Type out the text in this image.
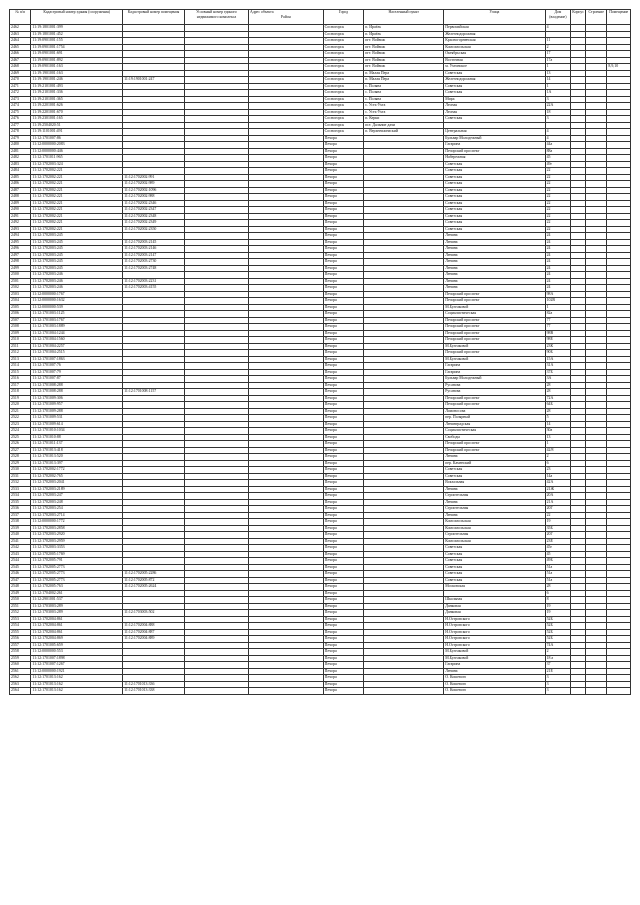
№ п/п	Кадастровый номер здания (сооружения)	Кадастровый номер помещения	Условный номер единого недвижимого комплекса	Адрес объекта
Район	Город	Населенный пункт	Улица	Дом (владение)	Корпус	Строение	Помещение
2462	11:19:1801001:399				Сосногорск	п. Ираёль	Первомайская	4			
2463	11:19:1801001:452				Сосногорск	п. Ираёль	Железнодорожная				
2464	11:19:0901001:155				Сосногорск	пгт. Войвож	Красногорненская	11			
2465	11:19:0901001:1754				Сосногорск	пгт. Войвож	Комсомольская	2			
2466	11:19:0901001:691				Сосногорск	пгт. Войвож	Октябрьская	17			
2467	11:19:0901001:892				Сосногорск	пгт. Войвож	Восточная	17а			
2468	11:19:0901001:163				Сосногорск	пгт. Войвож	м. Ухтинское	1			8,9,10
2469	11:19:1901001:163				Сосногорск	п. Малая Пера	Советская	13			
2470	11:19:1901001:246	11:19:1901001:247			Сосногорск	п. Малая Пера	Железнодорожная	14			
2471	11:19:2101001:493				Сосногорск	с. Поляна	Советская	1			
2472	11:19:2101001:336				Сосногорск	с. Поляна	Советская	1А			
2473	11:19:2101001:365				Сосногорск	с. Поляна	Мира	3			
2474	11:19:2201001:626				Сосногорск	с. Усть-Ухта	Лесная	22А			
2475	11:19:2201001:670				Сосногорск	с. Усть-Ухта	Лесная	18			
2476	11:19:2301001:165				Сосногорск	п. Керки	Советская	3			
2477	11:19:2504020:51				Сосногорск	пст. Дальние дачи					
2478	11:19:1101001:491				Сосногорск	п. Верхнеижемский	Центральная	4			
2479	11:12:1701007:86				Печора		Бульвар Молодежный	4			
2480	11:12:0000000:2083				Печора		Гагарина	44а			
2481	11:12:0000000:446				Печора		Печорский проспект	88а			
2482	11:12:1701011:965				Печора		Набережная	45			
2483	11:12:1702003:324				Печора		Советская	49г			
2484	11:12:1702002:221				Печора		Советская	22			
2485	11:12:1702002:221	11:12:1702002:991			Печора		Советская	22			
2486	11:12:1702002:221	11:12:1702002:989			Печора		Советская	22			
2487	11:12:1702002:221	11:12:1702002:1096			Печора		Советская	22			
2488	11:12:1702002:221	11:12:1702002:988			Печора		Советская	22			
2489	11:12:1702002:221	11:12:1702002:2346			Печора		Советская	22			
2490	11:12:1702002:221	11:12:1702002:2347			Печора		Советская	22			
2491	11:12:1702002:221	11:12:1702002:2348			Печора		Советская	22			
2492	11:12:1702002:221	11:12:1702002:2349			Печора		Советская	22			
2493	11:12:1702002:221	11:12:1702002:2350			Печора		Советская	22			
2494	11:12:1702003:245				Печора		Ленина	24			
2495	11:12:1702003:245	11:12:1702003:2145			Печора		Ленина	24			
2496	11:12:1702003:245	11:12:1702003:2146			Печора		Ленина	24			
2497	11:12:1702003:245	11:12:1702003:2147			Печора		Ленина	24			
2498	11:12:1702003:245	11:12:1702003:2730			Печора		Ленина	24			
2499	11:12:1702003:245	11:12:1702003:2748			Печора		Ленина	24			
2500	11:12:1702003:246				Печора		Ленина	24			
2501	11:12:1702003:246	11:12:1702003:2231			Печора		Ленина	24			
2502	11:12:1702003:246	11:12:1702003:4155			Печора		Ленина	24			
2503	11:12:0000000:1767				Печора		Печорский проспект	98А			
2504	11:12:0000000:1632				Печора		Печорский проспект	102В			
2505	11:12:0000000:539				Печора		М.Булгаковой	1			
2506	11:12:1701003:1125				Печора		Социалистическая	82а			
2507	11:12:1701003:1767				Печора		Печорский проспект	77			
2508	11:12:1701003:1889				Печора		Печорский проспект	77			
2509	11:12:1701004:1244				Печора		Печорский проспект	98В			
2510	11:12:1701004:1560				Печора		Печорский проспект	98Е			
2511	11:12:1701004:2257				Печора		М.Булгаковой	23К			
2512	11:12:1701004:2515				Печора		Печорский проспект	90Б			
2513	11:12:1701007:1863				Печора		М.Булгаковой	15А			
2514	11:12:1701007:76				Печора		Гагарина	31А			
2515	11:12:1701007:79				Печора		Гагарина	37Б			
2516	11:12:1701007:87				Печора		Бульвар Молодежный	3А			
2517	11:12:1701008:288				Печора		Русанова	28			
2518	11:12:1701008:288	11:12:1701008:1157			Печора		Русанова	28			
2519	11:12:1701009:306				Печора		Печорский проспект	72А			
2520	11:12:1701009:957				Печора		Печорский проспект	64Б			
2521	11:12:1701009:288				Печора		Ломоносова	28			
2522	11:12:1701009:531				Печора		пер. Полярный	5			
2523	11:12:1701009:614				Печора		Ленинградская	14			
2524	11:12:1701010:1034				Печора		Социалистическая	30а			
2525	11:12:1701010:88				Печора		Свободы	13			
2526	11:12:1701011:137				Печора		Печорский проспект	1			
2527	11:12:1701013:418				Печора		Печорский проспект	42/8			
2528	11:12:1701013:520				Печора		Ленина	2			
2529	11:12:1701013:397				Печора		пер. Каменский	6			
2530	11:12:1702002:1772				Печора		Советская	23			
2531	11:12:1702002:765				Печора		Советская	14а			
2532	11:12:1702003:2041				Печора		Вокзальная	42А			
2533	11:12:1702003:2189				Печора		Ленина	21Ж			
2534	11:12:1702003:247				Печора		Строительная	20А			
2535	11:12:1702003:248				Печора		Ленина	21А			
2536	11:12:1702003:254				Печора		Строительная	20Г			
2537	11:12:1702003:2714				Печора		Ленина	22			
2538	11:12:0000000:1772				Печора		Комсомольская	19			
2539	11:12:1702003:2858				Печора		Комсомольская	35Б			
2540	11:12:1702003:2920				Печора		Строительная	20Г			
2541	11:12:1702003:2959				Печора		Комсомольская	23Е			
2542	11:12:1702003:3353				Печора		Советская	45г			
2543	11:12:1702005:1769				Печора		Советская	45			
2544	11:12:1702005:791				Печора		Советская	49Б			
2545	11:12:1702005:2773				Печора		Советская	51а			
2546	11:12:1702005:2773	11:12:1702005:2286			Печора		Советская	51а			
2547	11:12:1702005:2773	11:12:1702005:872			Печора		Советская	51а			
2548	11:12:1702005:763	11:12:1702005:2624			Печора		Московская	28			
2549	11:12:1704002:261				Печора			6			
2550	11:12:2901001:537				Печора		Школьная	8			
2551	11:12:1703003:289				Печора		Данковая	19			
2552	11:12:1703003:289	11:12:1703003:502			Печора		Данковая	19			
2553	11:12:1702004:861				Печора		Н.Островского	52Б			
2554	11:12:1702004:861	11:12:1702004:888			Печора		Н.Островского	52Б			
2555	11:12:1702004:861	11:12:1702004:887			Печора		Н.Островского	52Б			
2556	11:12:1702004:869	11:12:1702004:889			Печора		Н.Островского	52Б			
2557	11:12:1701005:659				Печора		Н.Островского	74А			
2558	11:12:0000000:553				Печора		М.Булгаковой	2			
2559	11:12:1701007:1898				Печора		М.Булгаковой	18 а			
2560	11:12:1701007:1267				Печора		Гагарина	37			
2561	11:12:0000000:1921				Печора		Ленина	21Е			
2562	11:12:1701013:162				Печора		О. Кошевого	3			
2563	11:12:1701013:162	11:12:1701013:336			Печора		О. Кошевого	3			
2564	11:12:1701013:162	11:12:1701013:338			Печора		О. Кошевого	3			
